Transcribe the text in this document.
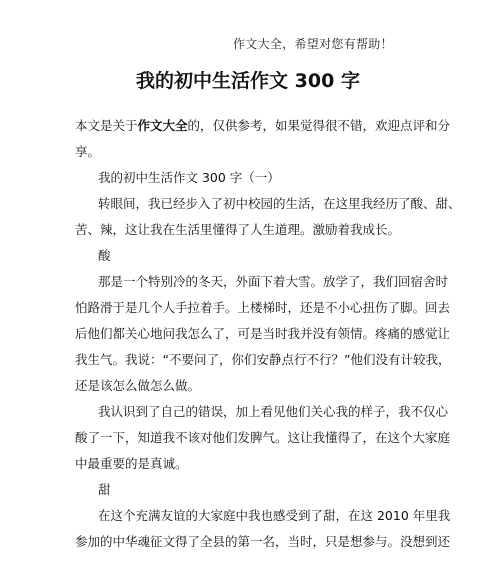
作文大全，希望对您有帮助！
我的初中生活作文 300 字
本文是关于作文大全的，仅供参考，如果觉得很不错，欢迎点评和分
享。
我的初中生活作文 300 字（一）
转眼间，我已经步入了初中校园的生活，在这里我经历了酸、甜、
苦、辣，这让我在生活里懂得了人生道理。激励着我成长。
酸
那是一个特别冷的冬天，外面下着大雪。放学了，我们回宿舍时
怕路滑于是几个人手拉着手。上楼梯时，还是不小心扭伤了脚。回去
后他们都关心地问我怎么了，可是当时我并没有领情。疼痛的感觉让
我生气。我说：“不要问了，你们安静点行不行？”他们没有计较我，
还是该怎么做怎么做。
我认识到了自己的错误，加上看见他们关心我的样子，我不仅心
酸了一下，知道我不该对他们发脾气。这让我懂得了，在这个大家庭
中最重要的是真诚。
甜
在这个充满友谊的大家庭中我也感受到了甜，在这 2010 年里我
参加的中华魂征文得了全县的第一名，当时，只是想参与。没想到还
